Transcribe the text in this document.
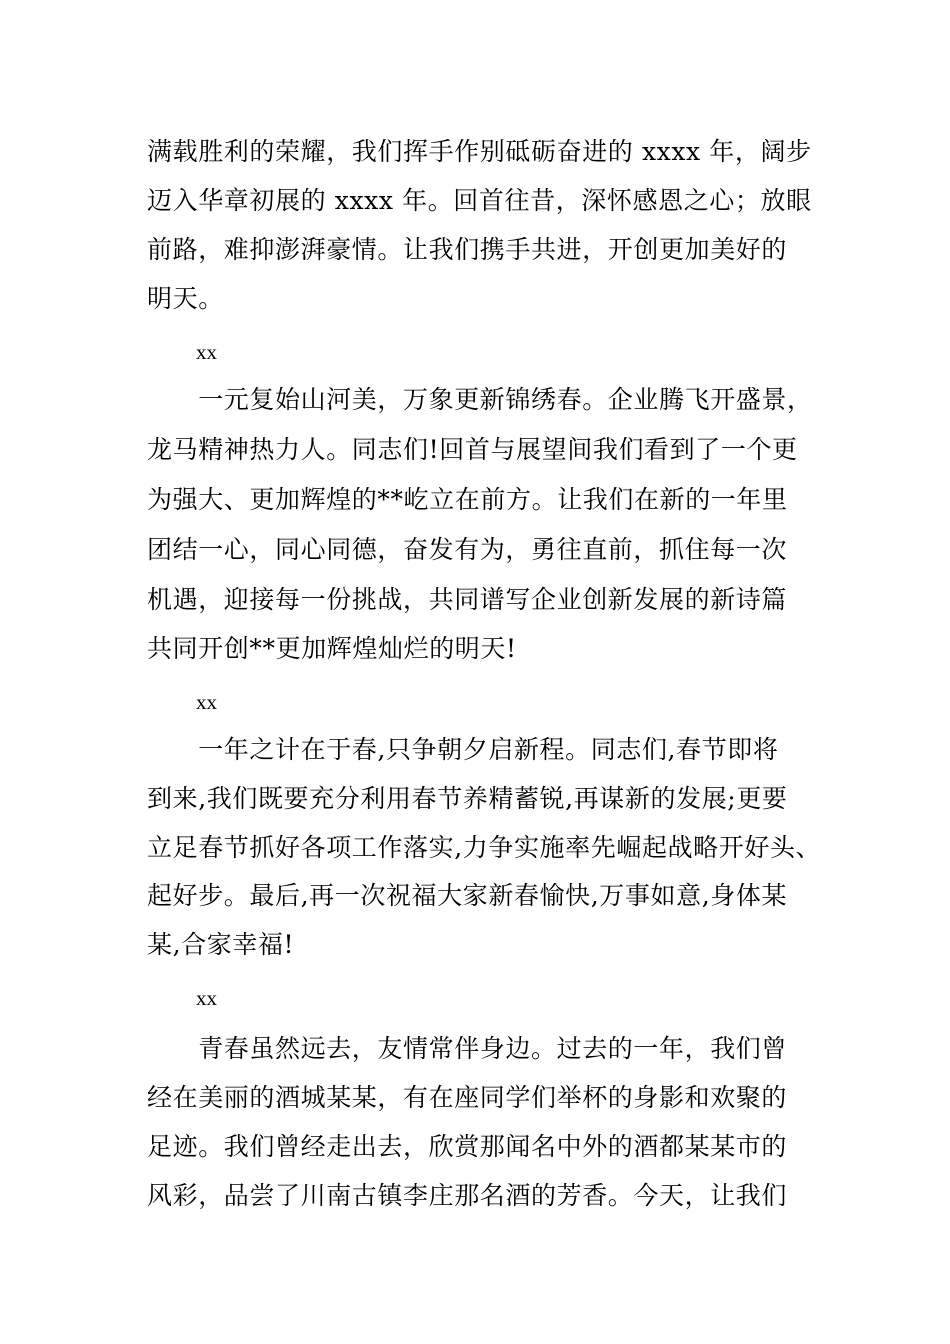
满载胜利的荣耀，我们挥手作别砥砺奋进的 xxxx 年，阔步
迈入华章初展的 xxxx 年。回首往昔，深怀感恩之心；放眼
前路，难抑澎湃豪情。让我们携手共进，开创更加美好的
明天。
xx
　　一元复始山河美，万象更新锦绣春。企业腾飞开盛景，
龙马精神热力人。同志们!回首与展望间我们看到了一个更
为强大、更加辉煌的**屹立在前方。让我们在新的一年里
团结一心，同心同德，奋发有为，勇往直前，抓住每一次
机遇，迎接每一份挑战，共同谱写企业创新发展的新诗篇
共同开创**更加辉煌灿烂的明天!
xx
　　一年之计在于春,只争朝夕启新程。同志们,春节即将
到来,我们既要充分利用春节养精蓄锐,再谋新的发展;更要
立足春节抓好各项工作落实,力争实施率先崛起战略开好头、
起好步。最后,再一次祝福大家新春愉快,万事如意,身体某
某,合家幸福!
xx
　　青春虽然远去，友情常伴身边。过去的一年，我们曾
经在美丽的酒城某某，有在座同学们举杯的身影和欢聚的
足迹。我们曾经走出去，欣赏那闻名中外的酒都某某市的
风彩，品尝了川南古镇李庄那名酒的芳香。今天，让我们
